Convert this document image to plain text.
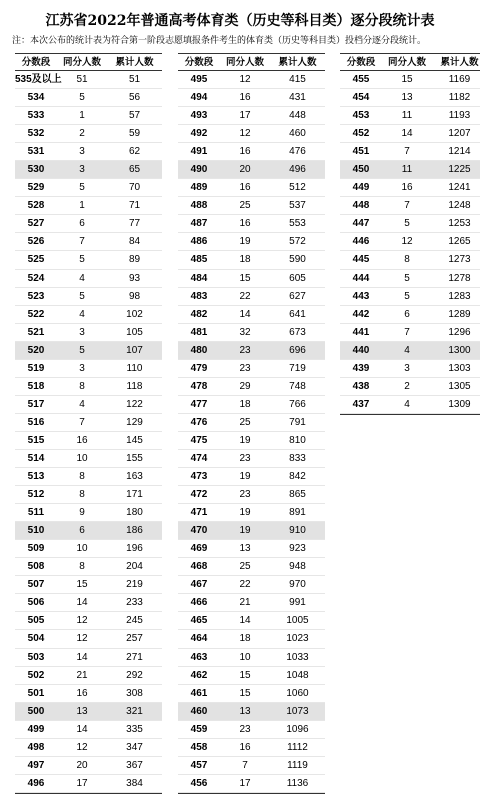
江苏省2022年普通高考体育类（历史等科目类）逐分段统计表
注：本次公布的统计表为符合第一阶段志愿填报条件考生的体育类（历史等科目类）投档分逐分段统计。
分数段	同分人数	累计人数
535及以上	51	51
534	5	56
533	1	57
532	2	59
531	3	62
530	3	65
529	5	70
528	1	71
527	6	77
526	7	84
525	5	89
524	4	93
523	5	98
522	4	102
521	3	105
520	5	107
519	3	110
518	8	118
517	4	122
516	7	129
515	16	145
514	10	155
513	8	163
512	8	171
511	9	180
510	6	186
509	10	196
508	8	204
507	15	219
506	14	233
505	12	245
504	12	257
503	14	271
502	21	292
501	16	308
500	13	321
499	14	335
498	12	347
497	20	367
496	17	384
分数段	同分人数	累计人数
495	12	415
494	16	431
493	17	448
492	12	460
491	16	476
490	20	496
489	16	512
488	25	537
487	16	553
486	19	572
485	18	590
484	15	605
483	22	627
482	14	641
481	32	673
480	23	696
479	23	719
478	29	748
477	18	766
476	25	791
475	19	810
474	23	833
473	19	842
472	23	865
471	19	891
470	19	910
469	13	923
468	25	948
467	22	970
466	21	991
465	14	1005
464	18	1023
463	10	1033
462	15	1048
461	15	1060
460	13	1073
459	23	1096
458	16	1112
457	7	1119
456	17	1136
分数段	同分人数	累计人数
455	15	1169
454	13	1182
453	11	1193
452	14	1207
451	7	1214
450	11	1225
449	16	1241
448	7	1248
447	5	1253
446	12	1265
445	8	1273
444	5	1278
443	5	1283
442	6	1289
441	7	1296
440	4	1300
439	3	1303
438	2	1305
437	4	1309
